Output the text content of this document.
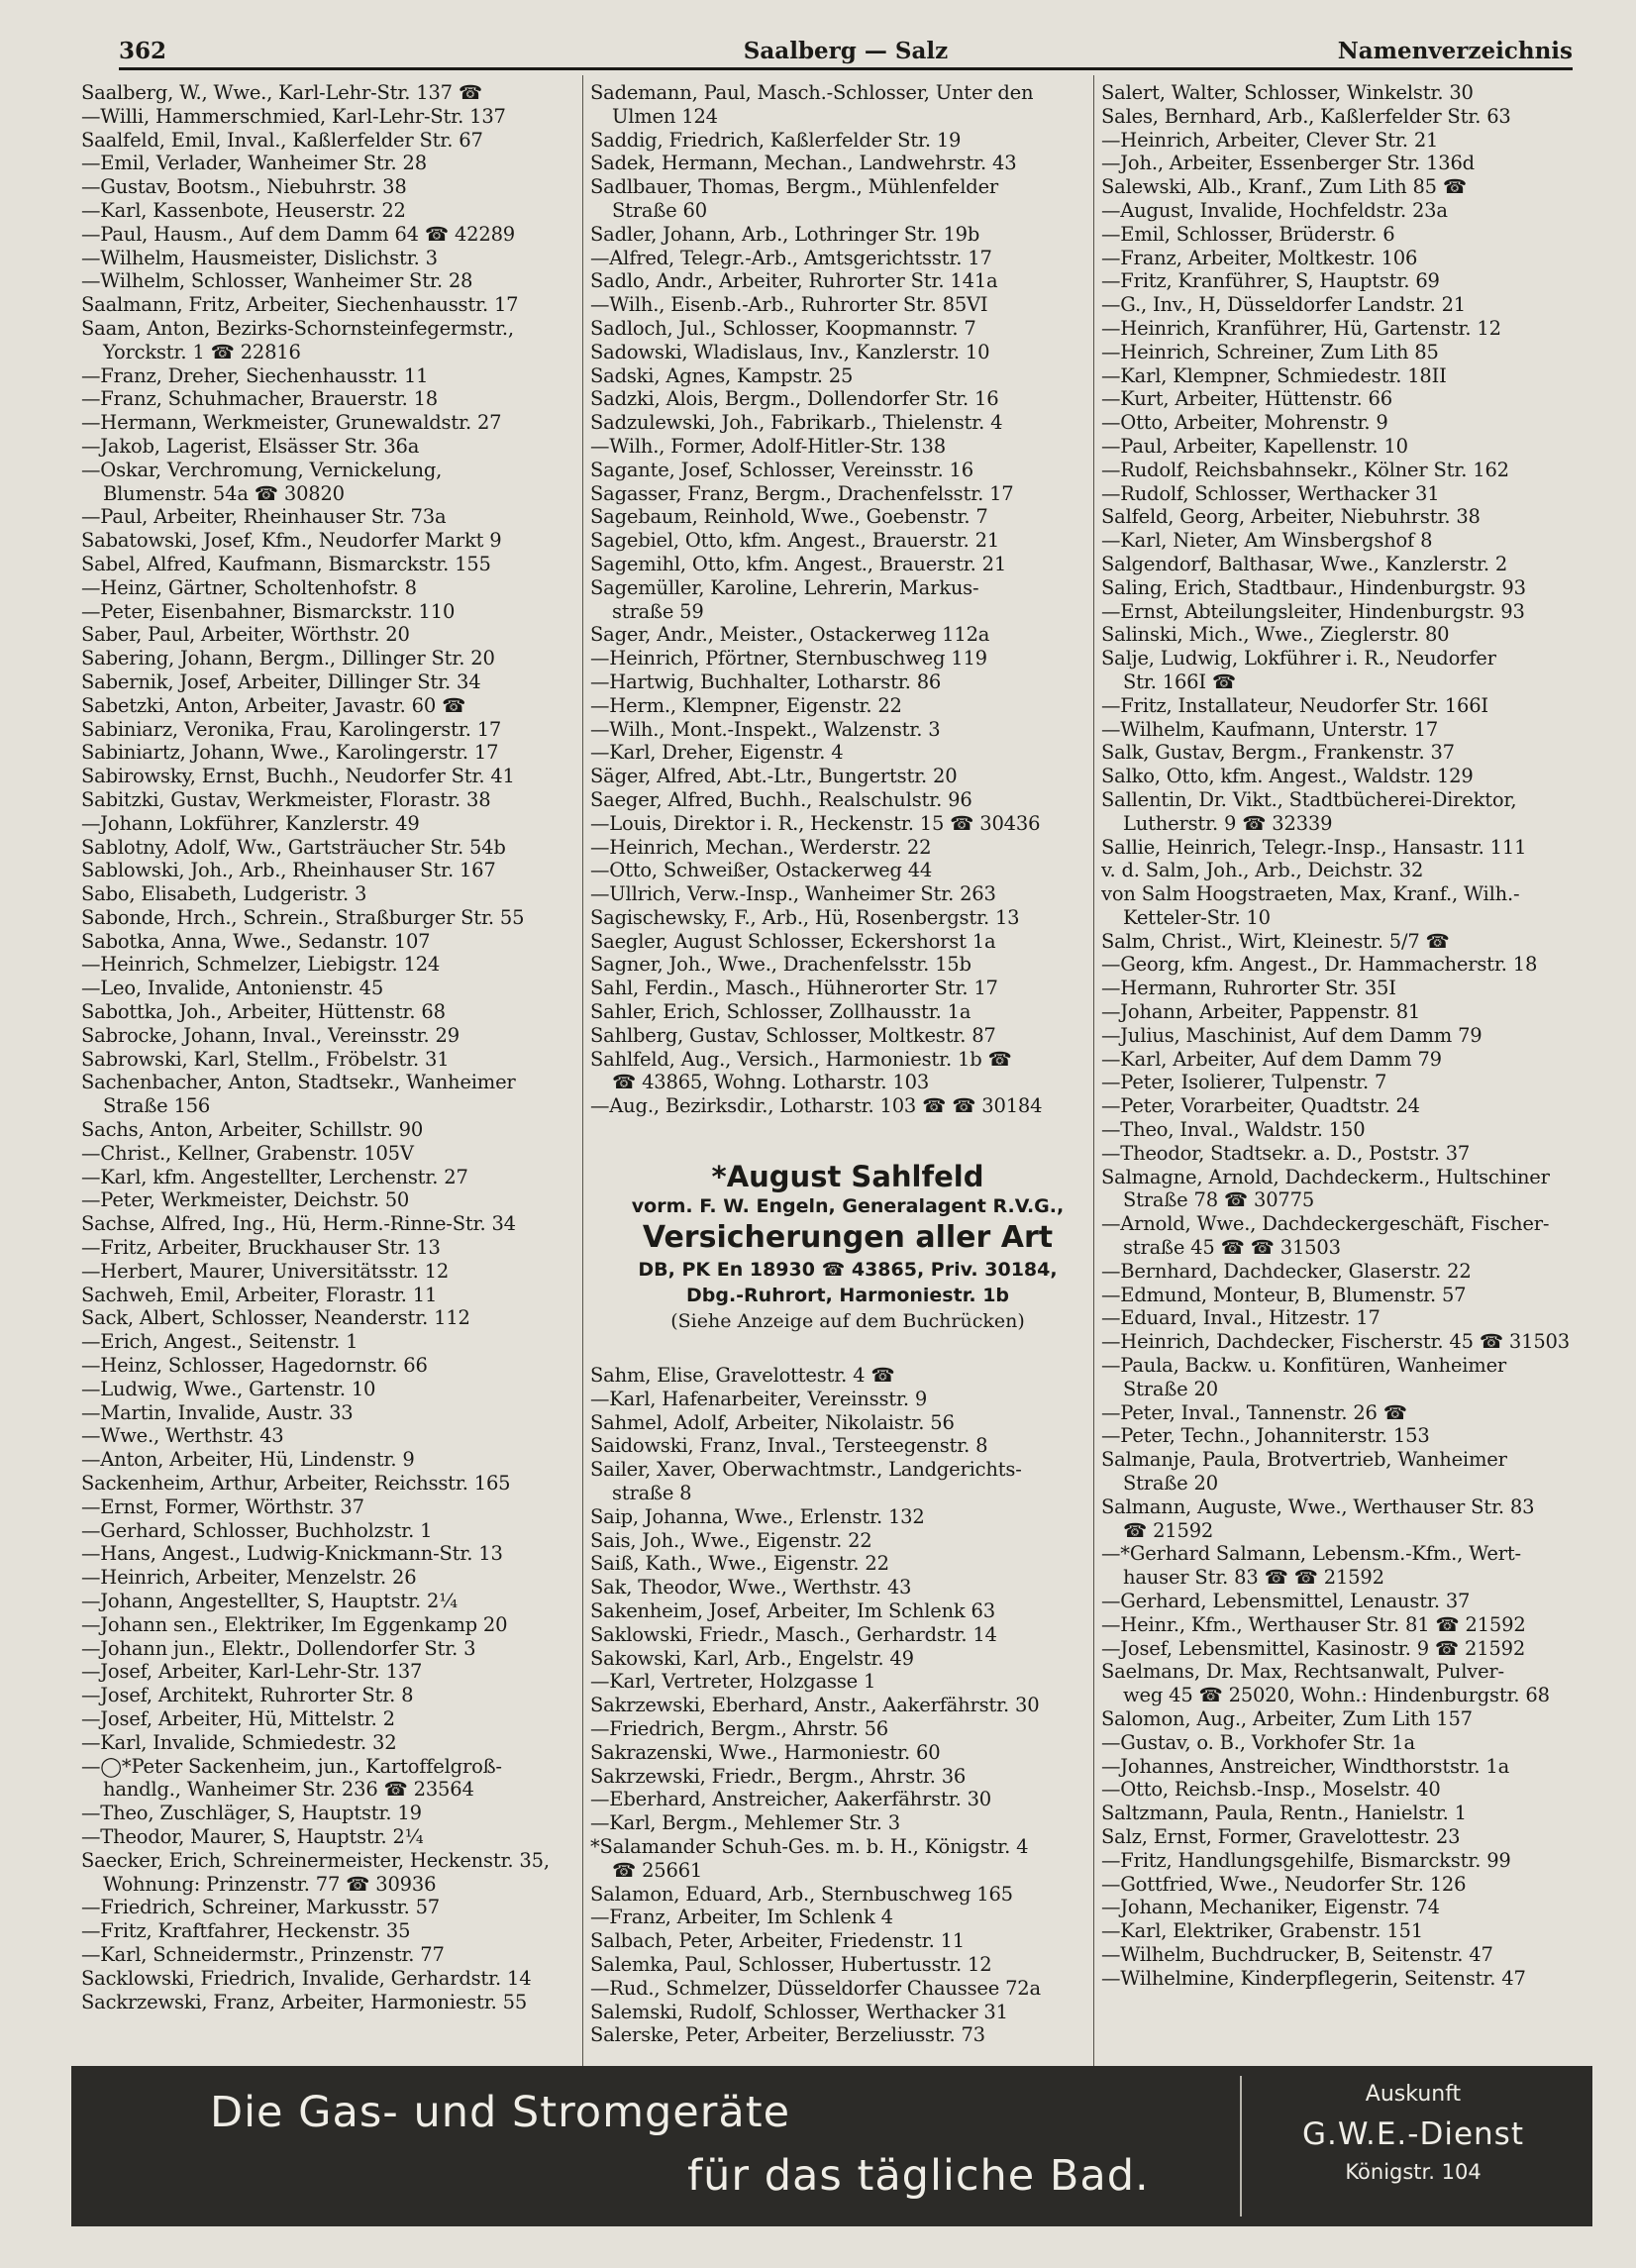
362	Saalberg — Salz	Namenverzeichnis
Saalberg, W., Wwe., Karl-Lehr-Str. 137 ☎
—Willi, Hammerschmied, Karl-Lehr-Str. 137
Saalfeld, Emil, Inval., Kaßlerfelder Str. 67
—Emil, Verlader, Wanheimer Str. 28
—Gustav, Bootsm., Niebuhrstr. 38
—Karl, Kassenbote, Heuserstr. 22
—Paul, Hausm., Auf dem Damm 64 ☎ 42289
—Wilhelm, Hausmeister, Dislichstr. 3
—Wilhelm, Schlosser, Wanheimer Str. 28
Saalmann, Fritz, Arbeiter, Siechenhausstr. 17
Saam, Anton, Bezirks-Schornsteinfegermstr.,
Yorckstr. 1 ☎ 22816
—Franz, Dreher, Siechenhausstr. 11
—Franz, Schuhmacher, Brauerstr. 18
—Hermann, Werkmeister, Grunewaldstr. 27
—Jakob, Lagerist, Elsässer Str. 36a
—Oskar, Verchromung, Vernickelung,
Blumenstr. 54a ☎ 30820
—Paul, Arbeiter, Rheinhauser Str. 73a
Sabatowski, Josef, Kfm., Neudorfer Markt 9
Sabel, Alfred, Kaufmann, Bismarckstr. 155
—Heinz, Gärtner, Scholtenhofstr. 8
—Peter, Eisenbahner, Bismarckstr. 110
Saber, Paul, Arbeiter, Wörthstr. 20
Sabering, Johann, Bergm., Dillinger Str. 20
Sabernik, Josef, Arbeiter, Dillinger Str. 34
Sabetzki, Anton, Arbeiter, Javastr. 60 ☎
Sabiniarz, Veronika, Frau, Karolingerstr. 17
Sabiniartz, Johann, Wwe., Karolingerstr. 17
Sabirowsky, Ernst, Buchh., Neudorfer Str. 41
Sabitzki, Gustav, Werkmeister, Florastr. 38
—Johann, Lokführer, Kanzlerstr. 49
Sablotny, Adolf, Ww., Gartsträucher Str. 54b
Sablowski, Joh., Arb., Rheinhauser Str. 167
Sabo, Elisabeth, Ludgeristr. 3
Sabonde, Hrch., Schrein., Straßburger Str. 55
Sabotka, Anna, Wwe., Sedanstr. 107
—Heinrich, Schmelzer, Liebigstr. 124
—Leo, Invalide, Antonienstr. 45
Sabottka, Joh., Arbeiter, Hüttenstr. 68
Sabrocke, Johann, Inval., Vereinsstr. 29
Sabrowski, Karl, Stellm., Fröbelstr. 31
Sachenbacher, Anton, Stadtsekr., Wanheimer
Straße 156
Sachs, Anton, Arbeiter, Schillstr. 90
—Christ., Kellner, Grabenstr. 105V
—Karl, kfm. Angestellter, Lerchenstr. 27
—Peter, Werkmeister, Deichstr. 50
Sachse, Alfred, Ing., Hü, Herm.-Rinne-Str. 34
—Fritz, Arbeiter, Bruckhauser Str. 13
—Herbert, Maurer, Universitätsstr. 12
Sachweh, Emil, Arbeiter, Florastr. 11
Sack, Albert, Schlosser, Neanderstr. 112
—Erich, Angest., Seitenstr. 1
—Heinz, Schlosser, Hagedornstr. 66
—Ludwig, Wwe., Gartenstr. 10
—Martin, Invalide, Austr. 33
—Wwe., Werthstr. 43
—Anton, Arbeiter, Hü, Lindenstr. 9
Sackenheim, Arthur, Arbeiter, Reichsstr. 165
—Ernst, Former, Wörthstr. 37
—Gerhard, Schlosser, Buchholzstr. 1
—Hans, Angest., Ludwig-Knickmann-Str. 13
—Heinrich, Arbeiter, Menzelstr. 26
—Johann, Angestellter, S, Hauptstr. 2¼
—Johann sen., Elektriker, Im Eggenkamp 20
—Johann jun., Elektr., Dollendorfer Str. 3
—Josef, Arbeiter, Karl-Lehr-Str. 137
—Josef, Architekt, Ruhrorter Str. 8
—Josef, Arbeiter, Hü, Mittelstr. 2
—Karl, Invalide, Schmiedestr. 32
—◯*Peter Sackenheim, jun., Kartoffelgroß-
handlg., Wanheimer Str. 236 ☎ 23564
—Theo, Zuschläger, S, Hauptstr. 19
—Theodor, Maurer, S, Hauptstr. 2¼
Saecker, Erich, Schreinermeister, Heckenstr. 35,
Wohnung: Prinzenstr. 77 ☎ 30936
—Friedrich, Schreiner, Markusstr. 57
—Fritz, Kraftfahrer, Heckenstr. 35
—Karl, Schneidermstr., Prinzenstr. 77
Sacklowski, Friedrich, Invalide, Gerhardstr. 14
Sackrzewski, Franz, Arbeiter, Harmoniestr. 55
Sademann, Paul, Masch.-Schlosser, Unter den
Ulmen 124
Saddig, Friedrich, Kaßlerfelder Str. 19
Sadek, Hermann, Mechan., Landwehrstr. 43
Sadlbauer, Thomas, Bergm., Mühlenfelder
Straße 60
Sadler, Johann, Arb., Lothringer Str. 19b
—Alfred, Telegr.-Arb., Amtsgerichtsstr. 17
Sadlo, Andr., Arbeiter, Ruhrorter Str. 141a
—Wilh., Eisenb.-Arb., Ruhrorter Str. 85VI
Sadloch, Jul., Schlosser, Koopmannstr. 7
Sadowski, Wladislaus, Inv., Kanzlerstr. 10
Sadski, Agnes, Kampstr. 25
Sadzki, Alois, Bergm., Dollendorfer Str. 16
Sadzulewski, Joh., Fabrikarb., Thielenstr. 4
—Wilh., Former, Adolf-Hitler-Str. 138
Sagante, Josef, Schlosser, Vereinsstr. 16
Sagasser, Franz, Bergm., Drachenfelsstr. 17
Sagebaum, Reinhold, Wwe., Goebenstr. 7
Sagebiel, Otto, kfm. Angest., Brauerstr. 21
Sagemihl, Otto, kfm. Angest., Brauerstr. 21
Sagemüller, Karoline, Lehrerin, Markus-
straße 59
Sager, Andr., Meister., Ostackerweg 112a
—Heinrich, Pförtner, Sternbuschweg 119
—Hartwig, Buchhalter, Lotharstr. 86
—Herm., Klempner, Eigenstr. 22
—Wilh., Mont.-Inspekt., Walzenstr. 3
—Karl, Dreher, Eigenstr. 4
Säger, Alfred, Abt.-Ltr., Bungertstr. 20
Saeger, Alfred, Buchh., Realschulstr. 96
—Louis, Direktor i. R., Heckenstr. 15 ☎ 30436
—Heinrich, Mechan., Werderstr. 22
—Otto, Schweißer, Ostackerweg 44
—Ullrich, Verw.-Insp., Wanheimer Str. 263
Sagischewsky, F., Arb., Hü, Rosenbergstr. 13
Saegler, August Schlosser, Eckershorst 1a
Sagner, Joh., Wwe., Drachenfelsstr. 15b
Sahl, Ferdin., Masch., Hühnerorter Str. 17
Sahler, Erich, Schlosser, Zollhausstr. 1a
Sahlberg, Gustav, Schlosser, Moltkestr. 87
Sahlfeld, Aug., Versich., Harmoniestr. 1b ☎
☎ 43865, Wohng. Lotharstr. 103
—Aug., Bezirksdir., Lotharstr. 103 ☎ ☎ 30184
*August Sahlfeld
vorm. F. W. Engeln, Generalagent R.V.G.,
Versicherungen aller Art
DB, PK En 18930 ☎ 43865, Priv. 30184,
Dbg.-Ruhrort, Harmoniestr. 1b
(Siehe Anzeige auf dem Buchrücken)
Sahm, Elise, Gravelottestr. 4 ☎
—Karl, Hafenarbeiter, Vereinsstr. 9
Sahmel, Adolf, Arbeiter, Nikolaistr. 56
Saidowski, Franz, Inval., Tersteegenstr. 8
Sailer, Xaver, Oberwachtmstr., Landgerichts-
straße 8
Saip, Johanna, Wwe., Erlenstr. 132
Sais, Joh., Wwe., Eigenstr. 22
Saiß, Kath., Wwe., Eigenstr. 22
Sak, Theodor, Wwe., Werthstr. 43
Sakenheim, Josef, Arbeiter, Im Schlenk 63
Saklowski, Friedr., Masch., Gerhardstr. 14
Sakowski, Karl, Arb., Engelstr. 49
—Karl, Vertreter, Holzgasse 1
Sakrzewski, Eberhard, Anstr., Aakerfährstr. 30
—Friedrich, Bergm., Ahrstr. 56
Sakrazenski, Wwe., Harmoniestr. 60
Sakrzewski, Friedr., Bergm., Ahrstr. 36
—Eberhard, Anstreicher, Aakerfährstr. 30
—Karl, Bergm., Mehlemer Str. 3
*Salamander Schuh-Ges. m. b. H., Königstr. 4
☎ 25661
Salamon, Eduard, Arb., Sternbuschweg 165
—Franz, Arbeiter, Im Schlenk 4
Salbach, Peter, Arbeiter, Friedenstr. 11
Salemka, Paul, Schlosser, Hubertusstr. 12
—Rud., Schmelzer, Düsseldorfer Chaussee 72a
Salemski, Rudolf, Schlosser, Werthacker 31
Salerske, Peter, Arbeiter, Berzeliusstr. 73
Salert, Walter, Schlosser, Winkelstr. 30
Sales, Bernhard, Arb., Kaßlerfelder Str. 63
—Heinrich, Arbeiter, Clever Str. 21
—Joh., Arbeiter, Essenberger Str. 136d
Salewski, Alb., Kranf., Zum Lith 85 ☎
—August, Invalide, Hochfeldstr. 23a
—Emil, Schlosser, Brüderstr. 6
—Franz, Arbeiter, Moltkestr. 106
—Fritz, Kranführer, S, Hauptstr. 69
—G., Inv., H, Düsseldorfer Landstr. 21
—Heinrich, Kranführer, Hü, Gartenstr. 12
—Heinrich, Schreiner, Zum Lith 85
—Karl, Klempner, Schmiedestr. 18II
—Kurt, Arbeiter, Hüttenstr. 66
—Otto, Arbeiter, Mohrenstr. 9
—Paul, Arbeiter, Kapellenstr. 10
—Rudolf, Reichsbahnsekr., Kölner Str. 162
—Rudolf, Schlosser, Werthacker 31
Salfeld, Georg, Arbeiter, Niebuhrstr. 38
—Karl, Nieter, Am Winsbergshof 8
Salgendorf, Balthasar, Wwe., Kanzlerstr. 2
Saling, Erich, Stadtbaur., Hindenburgstr. 93
—Ernst, Abteilungsleiter, Hindenburgstr. 93
Salinski, Mich., Wwe., Zieglerstr. 80
Salje, Ludwig, Lokführer i. R., Neudorfer
Str. 166I ☎
—Fritz, Installateur, Neudorfer Str. 166I
—Wilhelm, Kaufmann, Unterstr. 17
Salk, Gustav, Bergm., Frankenstr. 37
Salko, Otto, kfm. Angest., Waldstr. 129
Sallentin, Dr. Vikt., Stadtbücherei-Direktor,
Lutherstr. 9 ☎ 32339
Sallie, Heinrich, Telegr.-Insp., Hansastr. 111
v. d. Salm, Joh., Arb., Deichstr. 32
von Salm Hoogstraeten, Max, Kranf., Wilh.-
Ketteler-Str. 10
Salm, Christ., Wirt, Kleinestr. 5/7 ☎
—Georg, kfm. Angest., Dr. Hammacherstr. 18
—Hermann, Ruhrorter Str. 35I
—Johann, Arbeiter, Pappenstr. 81
—Julius, Maschinist, Auf dem Damm 79
—Karl, Arbeiter, Auf dem Damm 79
—Peter, Isolierer, Tulpenstr. 7
—Peter, Vorarbeiter, Quadtstr. 24
—Theo, Inval., Waldstr. 150
—Theodor, Stadtsekr. a. D., Poststr. 37
Salmagne, Arnold, Dachdeckerm., Hultschiner
Straße 78 ☎ 30775
—Arnold, Wwe., Dachdeckergeschäft, Fischer-
straße 45 ☎ ☎ 31503
—Bernhard, Dachdecker, Glaserstr. 22
—Edmund, Monteur, B, Blumenstr. 57
—Eduard, Inval., Hitzestr. 17
—Heinrich, Dachdecker, Fischerstr. 45 ☎ 31503
—Paula, Backw. u. Konfitüren, Wanheimer
Straße 20
—Peter, Inval., Tannenstr. 26 ☎
—Peter, Techn., Johanniterstr. 153
Salmanje, Paula, Brotvertrieb, Wanheimer
Straße 20
Salmann, Auguste, Wwe., Werthauser Str. 83
☎ 21592
—*Gerhard Salmann, Lebensm.-Kfm., Wert-
hauser Str. 83 ☎ ☎ 21592
—Gerhard, Lebensmittel, Lenaustr. 37
—Heinr., Kfm., Werthauser Str. 81 ☎ 21592
—Josef, Lebensmittel, Kasinostr. 9 ☎ 21592
Saelmans, Dr. Max, Rechtsanwalt, Pulver-
weg 45 ☎ 25020, Wohn.: Hindenburgstr. 68
Salomon, Aug., Arbeiter, Zum Lith 157
—Gustav, o. B., Vorkhofer Str. 1a
—Johannes, Anstreicher, Windthorststr. 1a
—Otto, Reichsb.-Insp., Moselstr. 40
Saltzmann, Paula, Rentn., Hanielstr. 1
Salz, Ernst, Former, Gravelottestr. 23
—Fritz, Handlungsgehilfe, Bismarckstr. 99
—Gottfried, Wwe., Neudorfer Str. 126
—Johann, Mechaniker, Eigenstr. 74
—Karl, Elektriker, Grabenstr. 151
—Wilhelm, Buchdrucker, B, Seitenstr. 47
—Wilhelmine, Kinderpflegerin, Seitenstr. 47
Die Gas- und Stromgeräte
für das tägliche Bad.
Auskunft
G.W.E.-Dienst
Königstr. 104
